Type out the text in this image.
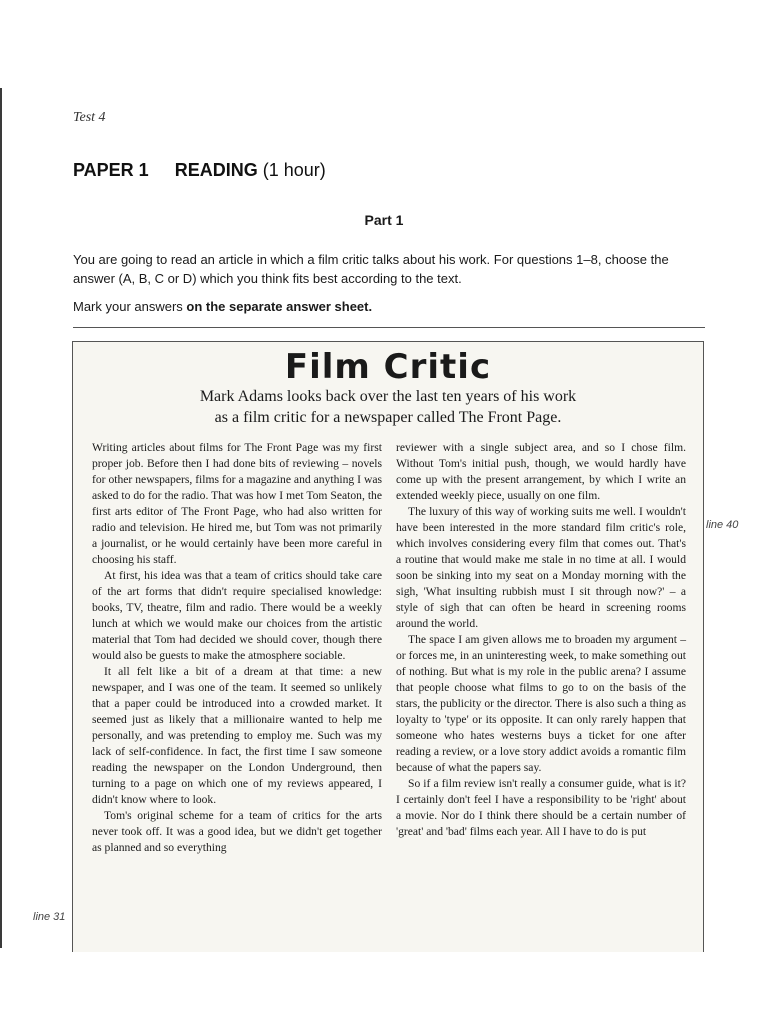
Test 4
PAPER 1 READING (1 hour)
Part 1
You are going to read an article in which a film critic talks about his work. For questions 1–8, choose the answer (A, B, C or D) which you think fits best according to the text.
Mark your answers on the separate answer sheet.
Film Critic
Mark Adams looks back over the last ten years of his work
as a film critic for a newspaper called The Front Page.

Writing articles about films for The Front Page was my first proper job. Before then I had done bits of reviewing – novels for other newspapers, films for a magazine and anything I was asked to do for the radio. That was how I met Tom Seaton, the first arts editor of The Front Page, who had also written for radio and television. He hired me, but Tom was not primarily a journalist, or he would certainly have been more careful in choosing his staff.

At first, his idea was that a team of critics should take care of the art forms that didn't require specialised knowledge: books, TV, theatre, film and radio. There would be a weekly lunch at which we would make our choices from the artistic material that Tom had decided we should cover, though there would also be guests to make the atmosphere sociable.

It all felt like a bit of a dream at that time: a new newspaper, and I was one of the team. It seemed so unlikely that a paper could be introduced into a crowded market. It seemed just as likely that a millionaire wanted to help me personally, and was pretending to employ me. Such was my lack of self-confidence. In fact, the first time I saw someone reading the newspaper on the London Underground, then turning to a page on which one of my reviews appeared, I didn't know where to look.

Tom's original scheme for a team of critics for the arts never took off. It was a good idea, but we didn't get together as planned and so everything

reviewer with a single subject area, and so I chose film. Without Tom's initial push, though, we would hardly have come up with the present arrangement, by which I write an extended weekly piece, usually on one film.

The luxury of this way of working suits me well. I wouldn't have been interested in the more standard film critic's role, which involves considering every film that comes out. That's a routine that would make me stale in no time at all. I would soon be sinking into my seat on a Monday morning with the sigh, 'What insulting rubbish must I sit through now?' – a style of sigh that can often be heard in screening rooms around the world.

The space I am given allows me to broaden my argument – or forces me, in an uninteresting week, to make something out of nothing. But what is my role in the public arena? I assume that people choose what films to go to on the basis of the stars, the publicity or the director. There is also such a thing as loyalty to 'type' or its opposite. It can only rarely happen that someone who hates westerns buys a ticket for one after reading a review, or a love story addict avoids a romantic film because of what the papers say.

So if a film review isn't really a consumer guide, what is it? I certainly don't feel I have a responsibility to be 'right' about a movie. Nor do I think there should be a certain number of 'great' and 'bad' films each year. All I have to do is put

line 40
line 31
